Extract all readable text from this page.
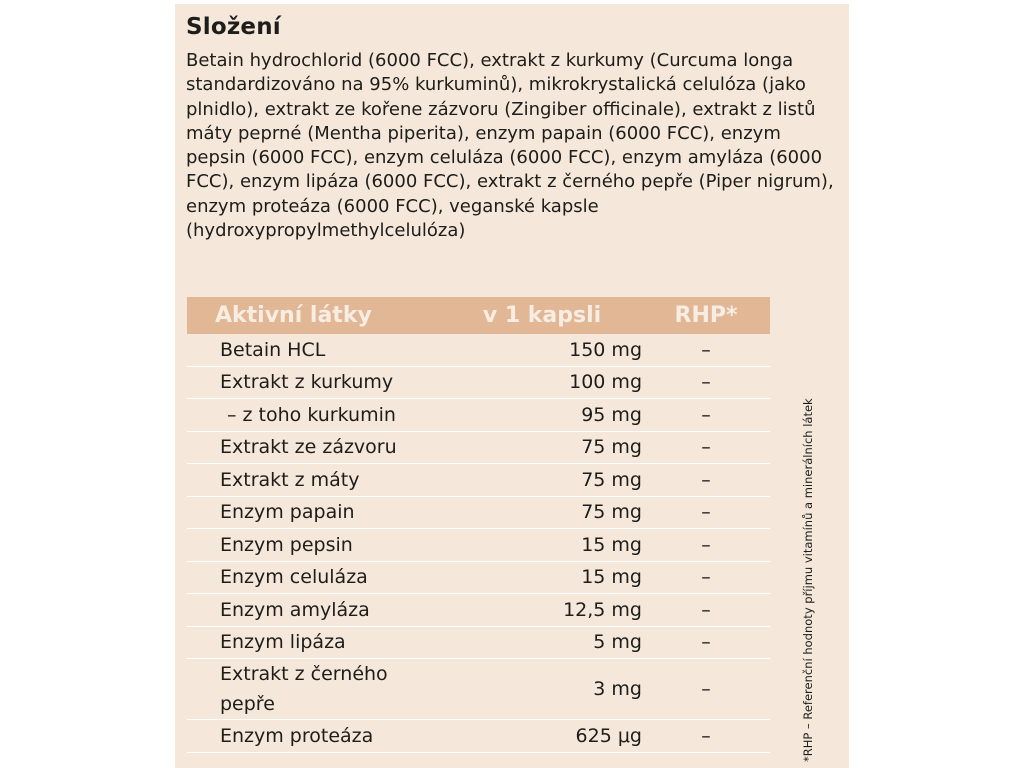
Složení

Betain hydrochlorid (6000 FCC), extrakt z kurkumy (Curcuma longa standardizováno na 95% kurkuminů), mikrokrystalická celulóza (jako plnidlo), extrakt ze kořene zázvoru (Zingiber officinale), extrakt z listů máty peprné (Mentha piperita), enzym papain (6000 FCC), enzym pepsin (6000 FCC), enzym celuláza (6000 FCC), enzym amyláza (6000 FCC), enzym lipáza (6000 FCC), extrakt z černého pepře (Piper nigrum), enzym proteáza (6000 FCC), veganské kapsle (hydroxypropylmethylcelulóza)

Aktivní látky	v 1 kapsli	RHP*
Betain HCL	150 mg	–
Extrakt z kurkumy	100 mg	–
– z toho kurkumin	95 mg	–
Extrakt ze zázvoru	75 mg	–
Extrakt z máty	75 mg	–
Enzym papain	75 mg	–
Enzym pepsin	15 mg	–
Enzym celuláza	15 mg	–
Enzym amyláza	12,5 mg	–
Enzym lipáza	5 mg	–
Extrakt z černého pepře	3 mg	–
Enzym proteáza	625 μg	–	*RHP – Referenční hodnoty příjmu vitamínů a minerálních látek
